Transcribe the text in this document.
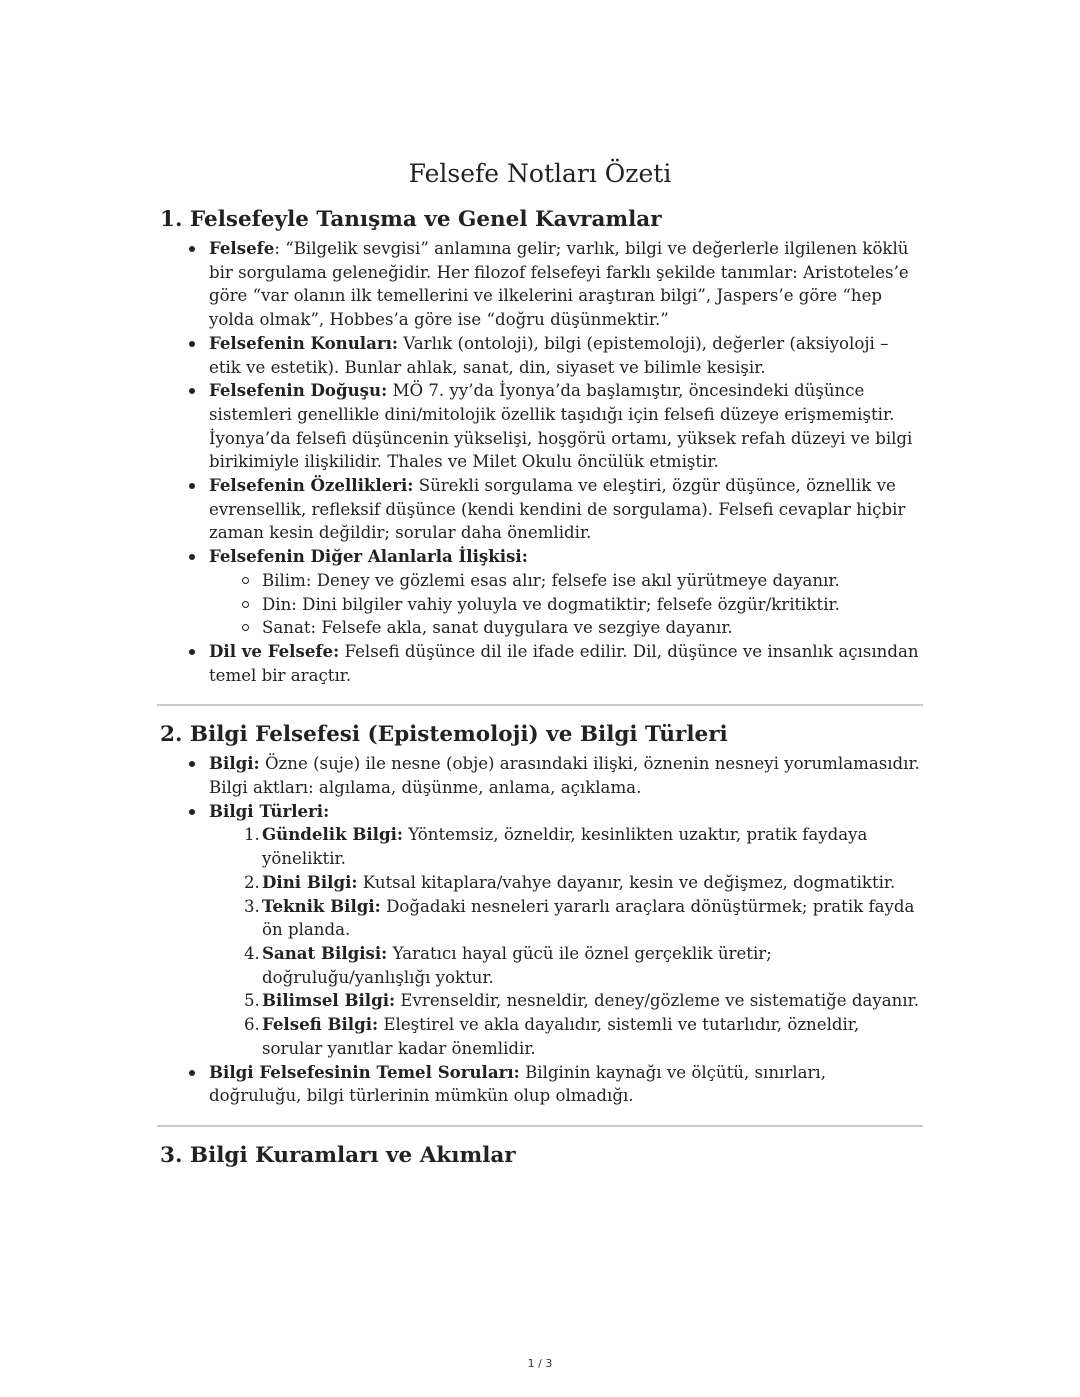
Felsefe Notları Özeti
1. Felsefeyle Tanışma ve Genel Kavramlar
Felsefe: “Bilgelik sevgisi” anlamına gelir; varlık, bilgi ve değerlerle ilgilenen köklü bir sorgulama geleneğidir. Her filozof felsefeyi farklı şekilde tanımlar: Aristoteles’e göre “var olanın ilk temellerini ve ilkelerini araştıran bilgi”, Jaspers’e göre “hep yolda olmak”, Hobbes’a göre ise “doğru düşünmektir.”
Felsefenin Konuları: Varlık (ontoloji), bilgi (epistemoloji), değerler (aksiyoloji – etik ve estetik). Bunlar ahlak, sanat, din, siyaset ve bilimle kesişir.
Felsefenin Doğuşu: MÖ 7. yy’da İyonya’da başlamıştır, öncesindeki düşünce sistemleri genellikle dini/mitolojik özellik taşıdığı için felsefi düzeye erişmemiştir. İyonya’da felsefi düşüncenin yükselişi, hoşgörü ortamı, yüksek refah düzeyi ve bilgi birikimiyle ilişkilidir. Thales ve Milet Okulu öncülük etmiştir.
Felsefenin Özellikleri: Sürekli sorgulama ve eleştiri, özgür düşünce, öznellik ve evrensellik, refleksif düşünce (kendi kendini de sorgulama). Felsefi cevaplar hiçbir zaman kesin değildir; sorular daha önemlidir.
Felsefenin Diğer Alanlarla İlişkisi:
Bilim: Deney ve gözlemi esas alır; felsefe ise akıl yürütmeye dayanır.
Din: Dini bilgiler vahiy yoluyla ve dogmatiktir; felsefe özgür/kritiktir.
Sanat: Felsefe akla, sanat duygulara ve sezgiye dayanır.
Dil ve Felsefe: Felsefi düşünce dil ile ifade edilir. Dil, düşünce ve insanlık açısından temel bir araçtır.
2. Bilgi Felsefesi (Epistemoloji) ve Bilgi Türleri
Bilgi: Özne (suje) ile nesne (obje) arasındaki ilişki, öznenin nesneyi yorumlamasıdır. Bilgi aktları: algılama, düşünme, anlama, açıklama.
Bilgi Türleri:
1. Gündelik Bilgi: Yöntemsiz, özneldir, kesinlikten uzaktır, pratik faydaya yöneliktir.
2. Dini Bilgi: Kutsal kitaplara/vahye dayanır, kesin ve değişmez, dogmatiktir.
3. Teknik Bilgi: Doğadaki nesneleri yararlı araçlara dönüştürmek; pratik fayda ön planda.
4. Sanat Bilgisi: Yaratıcı hayal gücü ile öznel gerçeklik üretir; doğruluğu/yanlışlığı yoktur.
5. Bilimsel Bilgi: Evrenseldir, nesneldir, deney/gözleme ve sistematiğe dayanır.
6. Felsefi Bilgi: Eleştirel ve akla dayalıdır, sistemli ve tutarlıdır, özneldir, sorular yanıtlar kadar önemlidir.
Bilgi Felsefesinin Temel Soruları: Bilginin kaynağı ve ölçütü, sınırları, doğruluğu, bilgi türlerinin mümkün olup olmadığı.
3. Bilgi Kuramları ve Akımlar
1 / 3
